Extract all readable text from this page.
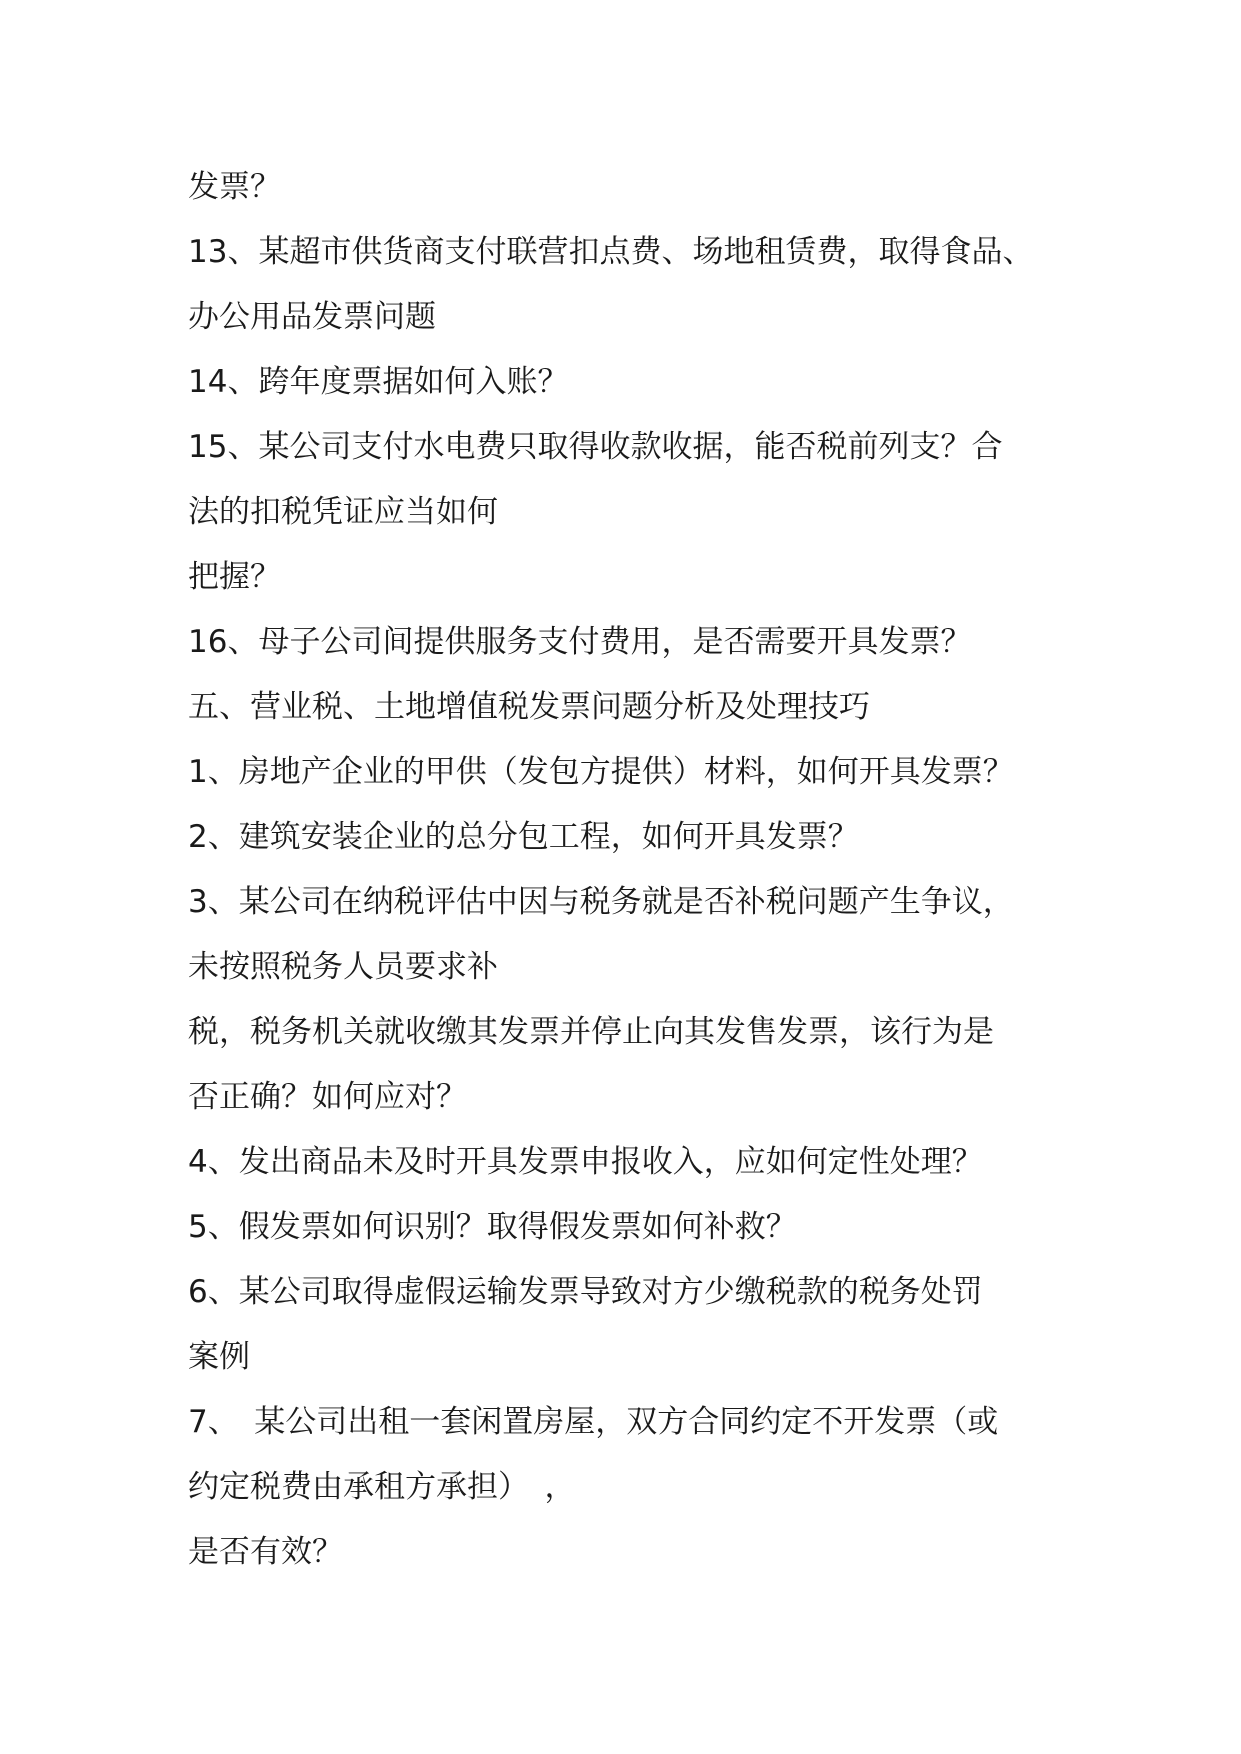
发票？
13、某超市供货商支付联营扣点费、场地租赁费，取得食品、
办公用品发票问题
14、跨年度票据如何入账？
15、某公司支付水电费只取得收款收据，能否税前列支？合
法的扣税凭证应当如何
把握？
16、母子公司间提供服务支付费用，是否需要开具发票？
五、营业税、土地增值税发票问题分析及处理技巧
1、房地产企业的甲供（发包方提供）材料，如何开具发票？
2、建筑安装企业的总分包工程，如何开具发票？
3、某公司在纳税评估中因与税务就是否补税问题产生争议，
未按照税务人员要求补
税，税务机关就收缴其发票并停止向其发售发票，该行为是
否正确？如何应对？
4、发出商品未及时开具发票申报收入，应如何定性处理？
5、假发票如何识别？取得假发票如何补救？
6、某公司取得虚假运输发票导致对方少缴税款的税务处罚
案例
7、　某公司出租一套闲置房屋，双方合同约定不开发票（或
约定税费由承租方承担）　，
是否有效？
